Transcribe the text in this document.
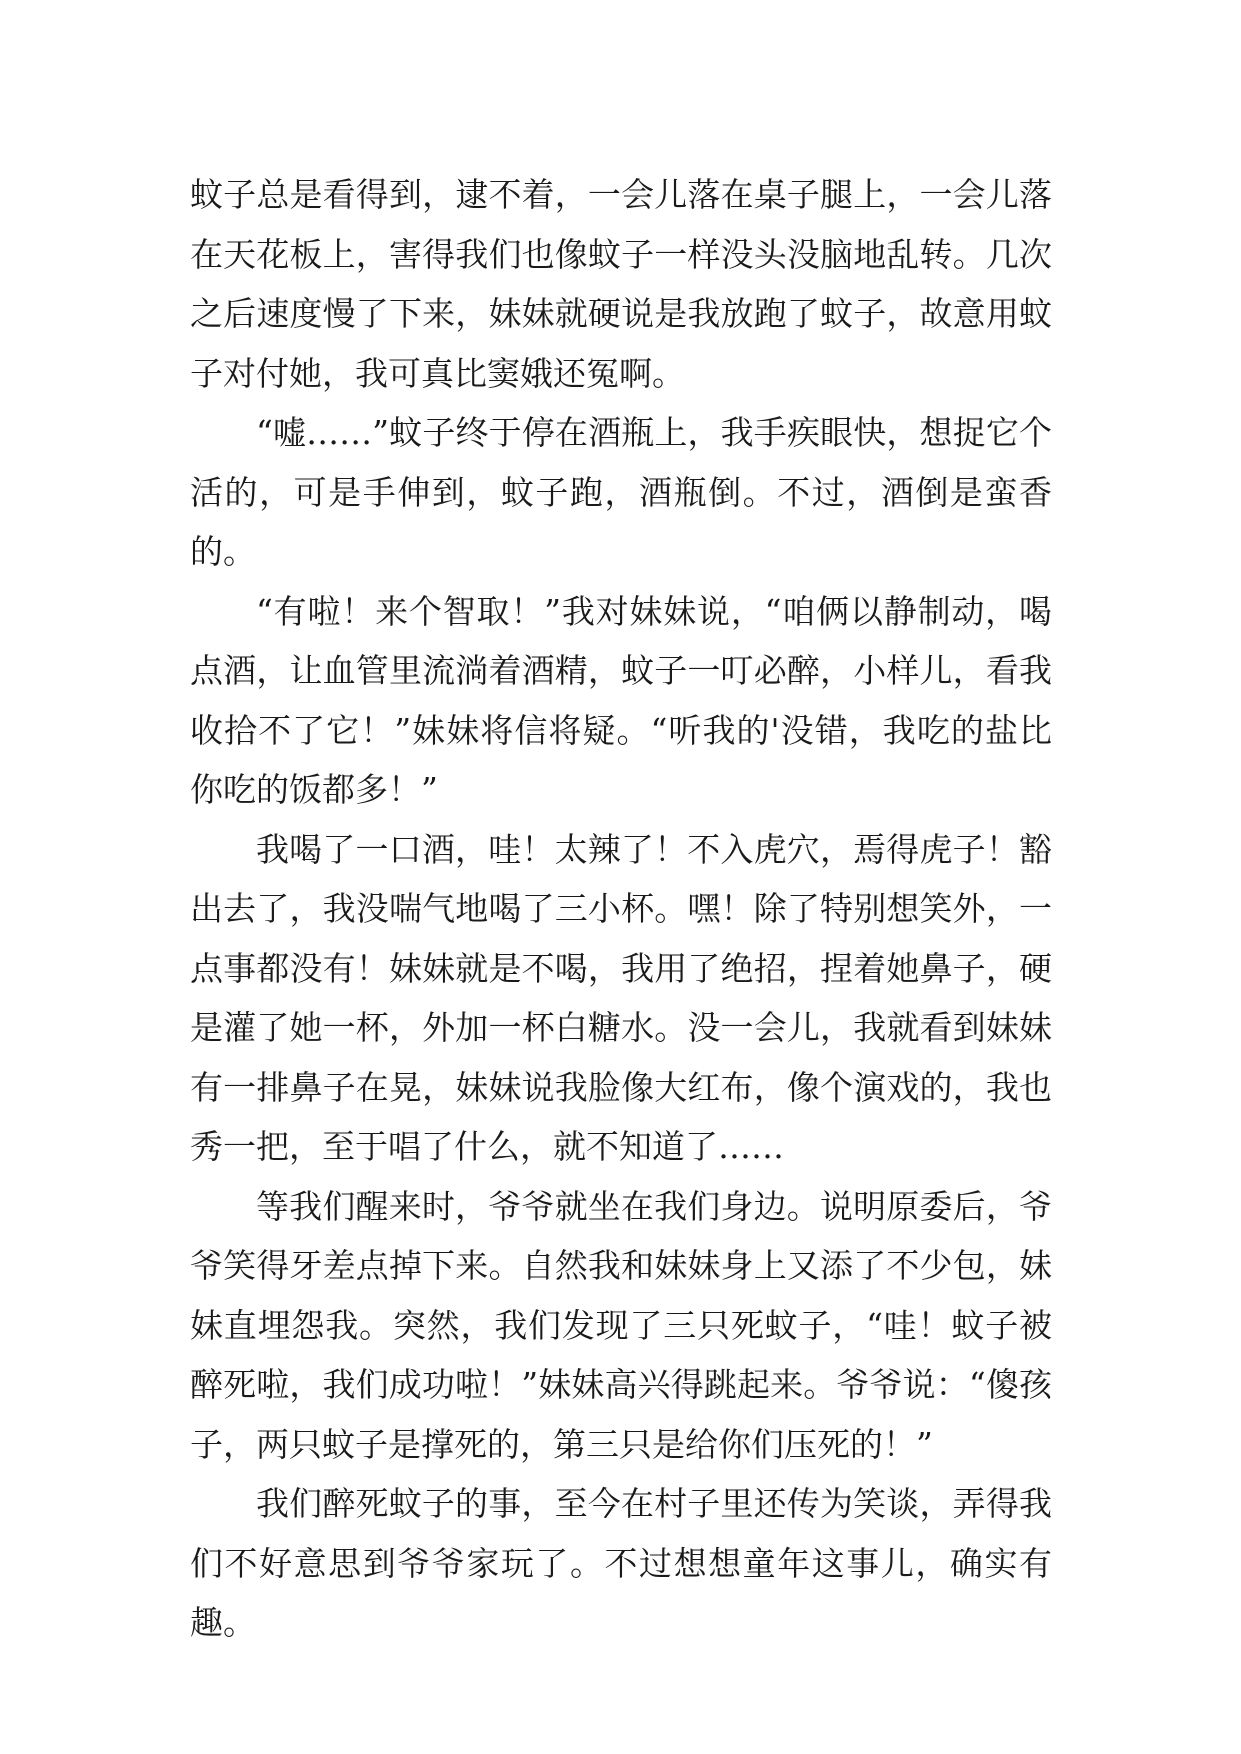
蚊子总是看得到，逮不着，一会儿落在桌子腿上，一会儿落在天花板上，害得我们也像蚊子一样没头没脑地乱转。几次之后速度慢了下来，妹妹就硬说是我放跑了蚊子，故意用蚊子对付她，我可真比窦娥还冤啊。

“嘘……”蚊子终于停在酒瓶上，我手疾眼快，想捉它个活的，可是手伸到，蚊子跑，酒瓶倒。不过，酒倒是蛮香的。

“有啦！来个智取！”我对妹妹说，“咱俩以静制动，喝点酒，让血管里流淌着酒精，蚊子一叮必醉，小样儿，看我收拾不了它！”妹妹将信将疑。“听我的'没错，我吃的盐比你吃的饭都多！”

我喝了一口酒，哇！太辣了！不入虎穴，焉得虎子！豁出去了，我没喘气地喝了三小杯。嘿！除了特别想笑外，一点事都没有！妹妹就是不喝，我用了绝招，捏着她鼻子，硬是灌了她一杯，外加一杯白糖水。没一会儿，我就看到妹妹有一排鼻子在晃，妹妹说我脸像大红布，像个演戏的，我也秀一把，至于唱了什么，就不知道了……

等我们醒来时，爷爷就坐在我们身边。说明原委后，爷爷笑得牙差点掉下来。自然我和妹妹身上又添了不少包，妹妹直埋怨我。突然，我们发现了三只死蚊子，“哇！蚊子被醉死啦，我们成功啦！”妹妹高兴得跳起来。爷爷说：“傻孩子，两只蚊子是撑死的，第三只是给你们压死的！”

我们醉死蚊子的事，至今在村子里还传为笑谈，弄得我们不好意思到爷爷家玩了。不过想想童年这事儿，确实有趣。
